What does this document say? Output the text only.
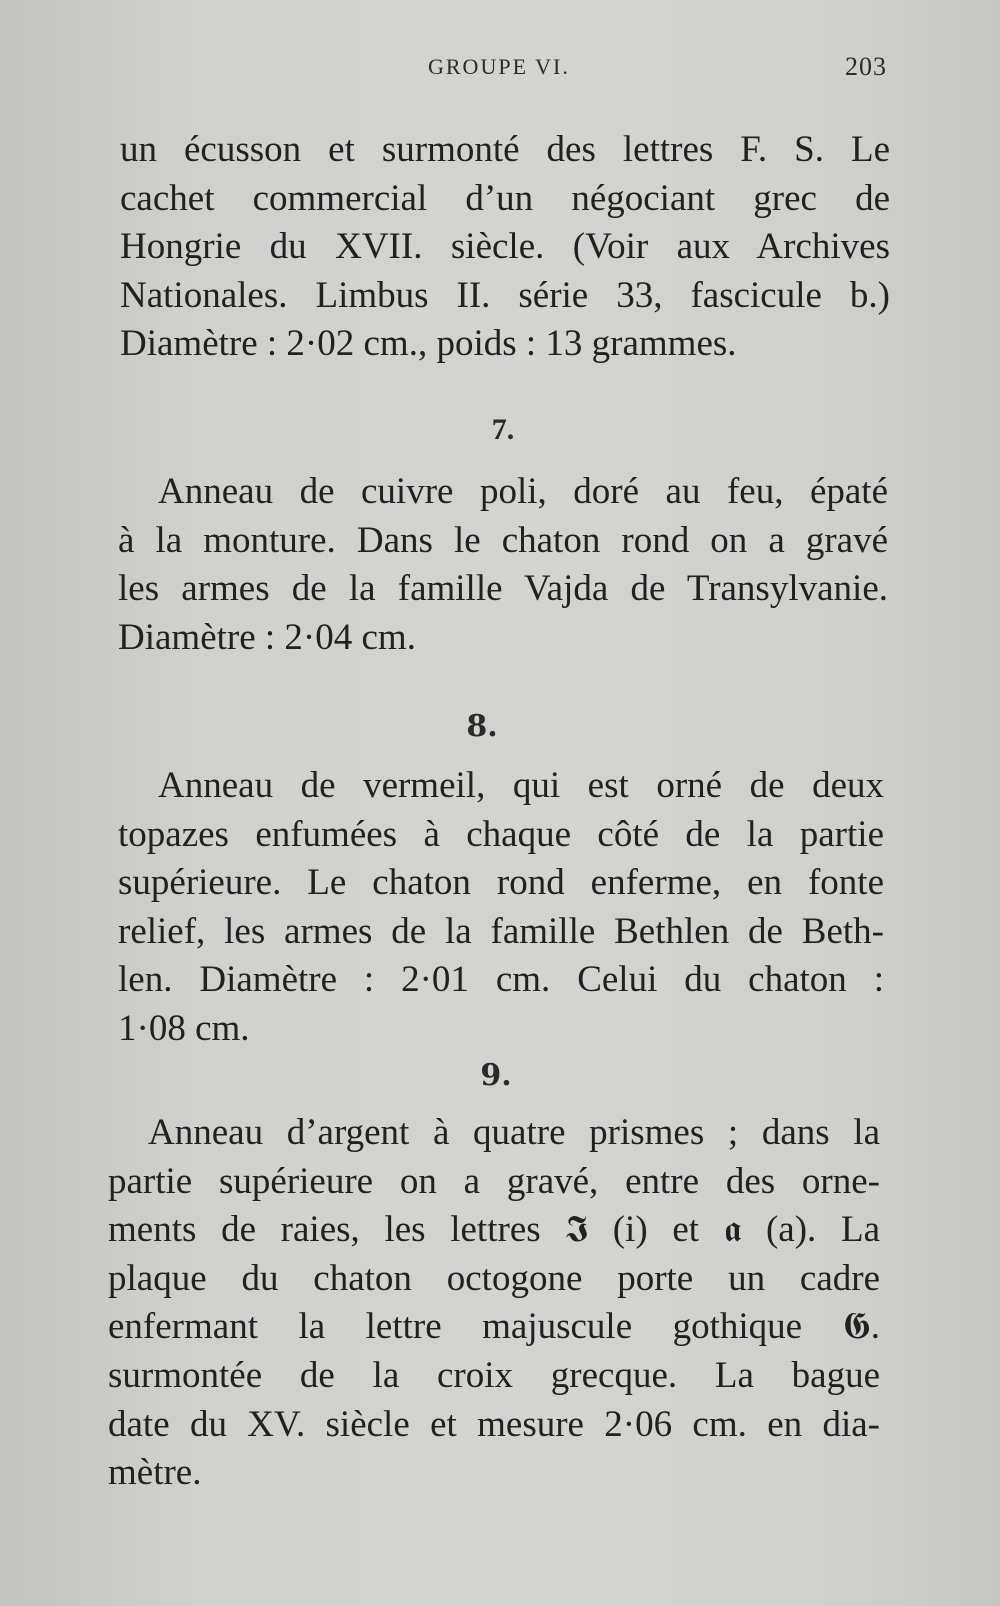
GROUPE VI.	203

un écusson et surmonté des lettres F. S. Le
cachet commercial d’un négociant grec de
Hongrie du XVII. siècle. (Voir aux Archives
Nationales. Limbus II. série 33, fascicule b.)
Diamètre : 2·02 cm., poids : 13 grammes.

7.

Anneau de cuivre poli, doré au feu, épaté
à la monture. Dans le chaton rond on a gravé
les armes de la famille Vajda de Transylvanie.
Diamètre : 2·04 cm.

8.

Anneau de vermeil, qui est orné de deux
topazes enfumées à chaque côté de la partie
supérieure. Le chaton rond enferme, en fonte
relief, les armes de la famille Bethlen de Beth-
len. Diamètre : 2·01 cm. Celui du chaton :
1·08 cm.

9.

Anneau d’argent à quatre prismes ; dans la
partie supérieure on a gravé, entre des orne-
ments de raies, les lettres 𝕴 (i) et 𝖆 (a). La
plaque du chaton octogone porte un cadre
enfermant la lettre majuscule gothique 𝕲.
surmontée de la croix grecque. La bague
date du XV. siècle et mesure 2·06 cm. en dia-
mètre.
